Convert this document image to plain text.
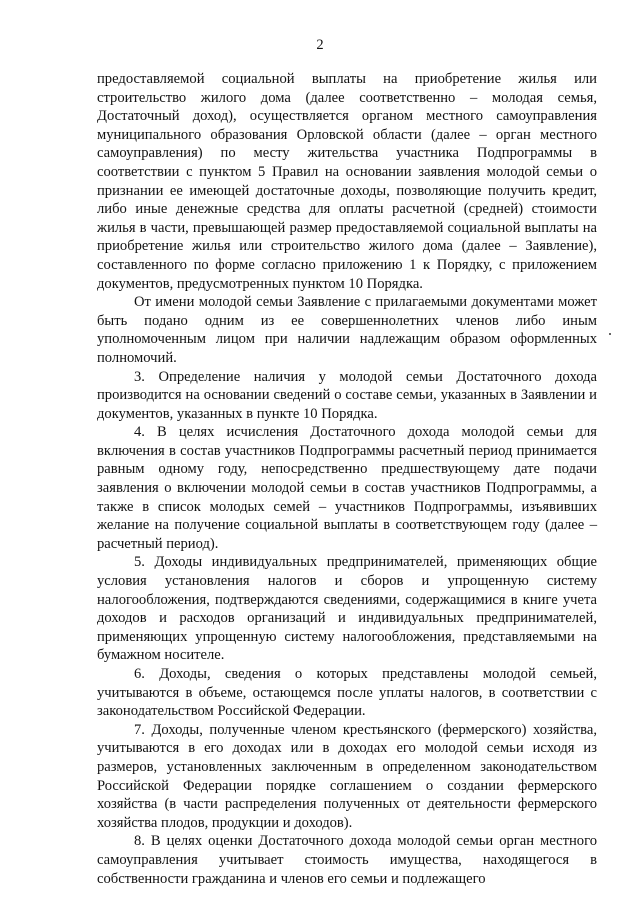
2

предоставляемой социальной выплаты на приобретение жилья или строительство жилого дома (далее соответственно – молодая семья, Достаточный доход), осуществляется органом местного самоуправления муниципального образования Орловской области (далее – орган местного самоуправления) по месту жительства участника Подпрограммы в соответствии с пунктом 5 Правил на основании заявления молодой семьи о признании ее имеющей достаточные доходы, позволяющие получить кредит, либо иные денежные средства для оплаты расчетной (средней) стоимости жилья в части, превышающей размер предоставляемой социальной выплаты на приобретение жилья или строительство жилого дома (далее – Заявление), составленного по форме согласно приложению 1 к Порядку, с приложением документов, предусмотренных пунктом 10 Порядка.

От имени молодой семьи Заявление с прилагаемыми документами может быть подано одним из ее совершеннолетних членов либо иным уполномоченным лицом при наличии надлежащим образом оформленных полномочий.

3. Определение наличия у молодой семьи Достаточного дохода производится на основании сведений о составе семьи, указанных в Заявлении и документов, указанных в пункте 10 Порядка.

4. В целях исчисления Достаточного дохода молодой семьи для включения в состав участников Подпрограммы расчетный период принимается равным одному году, непосредственно предшествующему дате подачи заявления о включении молодой семьи в состав участников Подпрограммы, а также в список молодых семей – участников Подпрограммы, изъявивших желание на получение социальной выплаты в соответствующем году (далее – расчетный период).

5. Доходы индивидуальных предпринимателей, применяющих общие условия установления налогов и сборов и упрощенную систему налогообложения, подтверждаются сведениями, содержащимися в книге учета доходов и расходов организаций и индивидуальных предпринимателей, применяющих упрощенную систему налогообложения, представляемыми на бумажном носителе.

6. Доходы, сведения о которых представлены молодой семьей, учитываются в объеме, остающемся после уплаты налогов, в соответствии с законодательством Российской Федерации.

7. Доходы, полученные членом крестьянского (фермерского) хозяйства, учитываются в его доходах или в доходах его молодой семьи исходя из размеров, установленных заключенным в определенном законодательством Российской Федерации порядке соглашением о создании фермерского хозяйства (в части распределения полученных от деятельности фермерского хозяйства плодов, продукции и доходов).

8. В целях оценки Достаточного дохода молодой семьи орган местного самоуправления учитывает стоимость имущества, находящегося в собственности гражданина и членов его семьи и подлежащего
